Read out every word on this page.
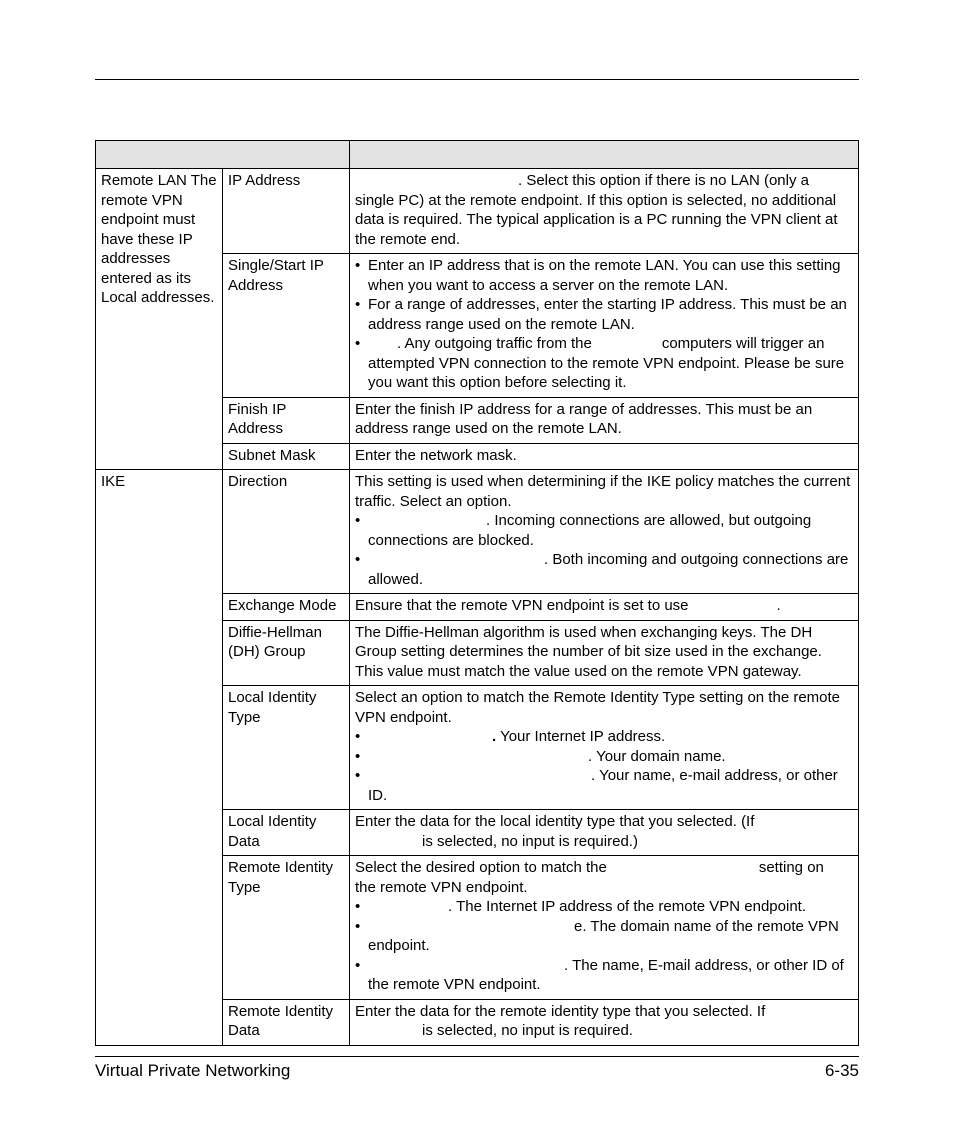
Remote LAN The remote VPN endpoint must have these IP addresses entered as its Local addresses.	IP Address	. Select this option if there is no LAN (only a
single PC) at the remote endpoint. If this option is selected, no additional data is required. The typical application is a PC running the VPN client at the remote end.

	Single/Start IP Address	• Enter an IP address that is on the remote LAN. You can use this setting when you want to access a server on the remote LAN.
• For a range of addresses, enter the starting IP address. This must be an address range used on the remote LAN.
• . Any outgoing traffic from the computers will trigger an attempted VPN connection to the remote VPN endpoint. Please be sure you want this option before selecting it.

	Finish IP Address	Enter the finish IP address for a range of addresses. This must be an address range used on the remote LAN.
	Subnet Mask	Enter the network mask.
IKE	Direction	This setting is used when determining if the IKE policy matches the current traffic. Select an option.
• . Incoming connections are allowed, but outgoing connections are blocked.
• . Both incoming and outgoing connections are allowed.

	Exchange Mode	Ensure that the remote VPN endpoint is set to use .
	Diffie-Hellman (DH) Group	The Diffie-Hellman algorithm is used when exchanging keys. The DH Group setting determines the number of bit size used in the exchange. This value must match the value used on the remote VPN gateway.
	Local Identity Type	Select an option to match the Remote Identity Type setting on the remote VPN endpoint.
• . Your Internet IP address.
• . Your domain name.
• . Your name, e-mail address, or other ID.

	Local Identity Data	Enter the data for the local identity type that you selected. (If
is selected, no input is required.)

	Remote Identity Type	Select the desired option to match the setting on
the remote VPN endpoint.
• . The Internet IP address of the remote VPN endpoint.
• e. The domain name of the remote VPN endpoint.
• . The name, E-mail address, or other ID of the remote VPN endpoint.

	Remote Identity Data	Enter the data for the remote identity type that you selected. If
is selected, no input is required.
Virtual Private Networking	6-35
